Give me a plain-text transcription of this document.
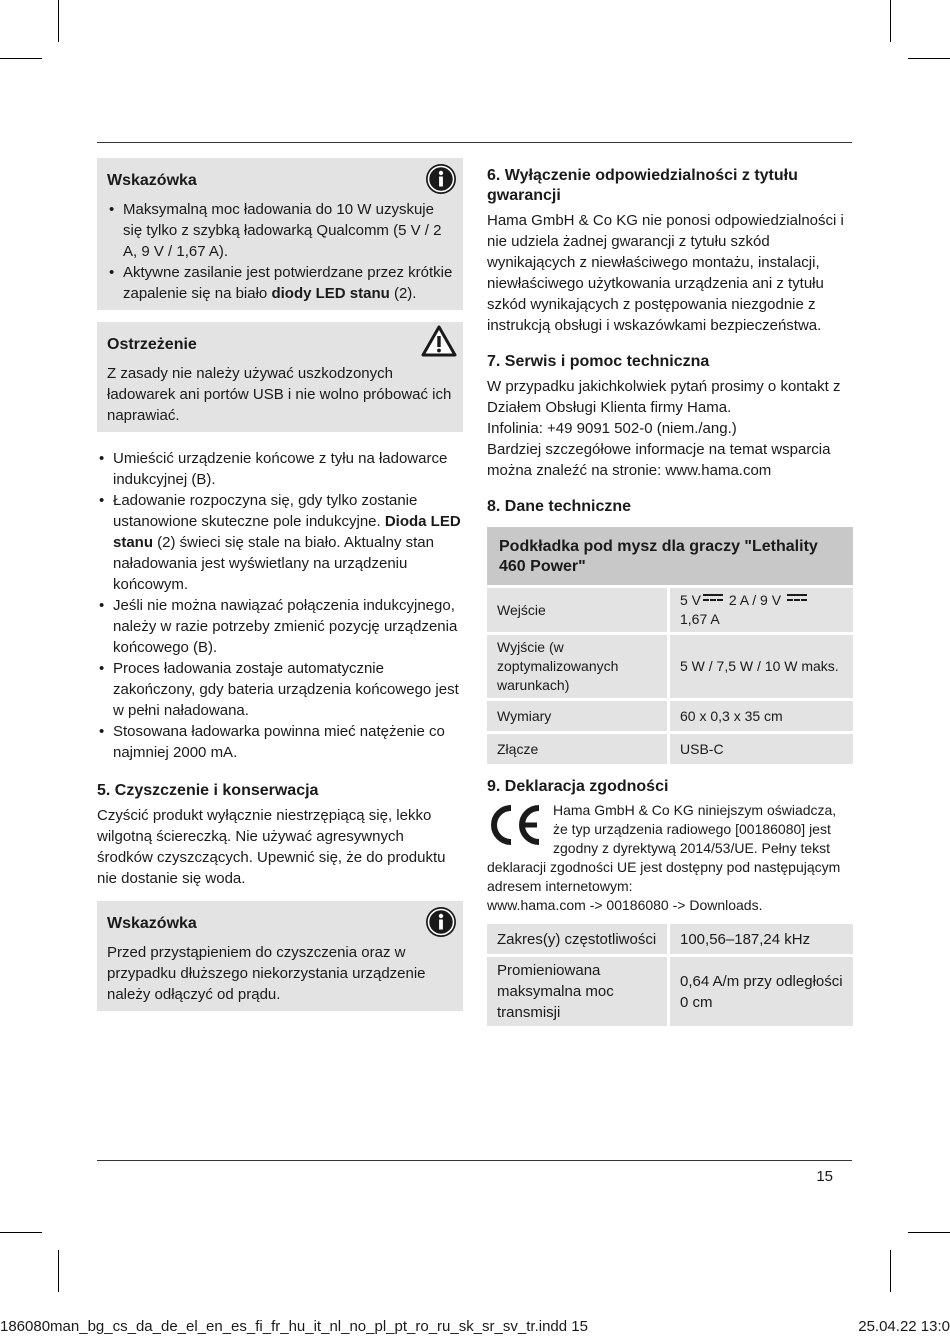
Wskazówka
• Maksymalną moc ładowania do 10 W uzyskuje się tylko z szybką ładowarką Qualcomm (5 V / 2 A, 9 V / 1,67 A).
• Aktywne zasilanie jest potwierdzane przez krótkie zapalenie się na biało diody LED stanu (2).
Ostrzeżenie

Z zasady nie należy używać uszkodzonych ładowarek ani portów USB i nie wolno próbować ich naprawiać.

• Umieścić urządzenie końcowe z tyłu na ładowarce indukcyjnej (B).
• Ładowanie rozpoczyna się, gdy tylko zostanie ustanowione skuteczne pole indukcyjne. Dioda LED stanu (2) świeci się stale na biało. Aktualny stan naładowania jest wyświetlany na urządzeniu końcowym.
• Jeśli nie można nawiązać połączenia indukcyjnego, należy w razie potrzeby zmienić pozycję urządzenia końcowego (B).
• Proces ładowania zostaje automatycznie zakończony, gdy bateria urządzenia końcowego jest w pełni naładowana.
• Stosowana ładowarka powinna mieć natężenie co najmniej 2000 mA.
5. Czyszczenie i konserwacja

Czyścić produkt wyłącznie niestrzępiącą się, lekko wilgotną ściereczką. Nie używać agresywnych środków czyszczących. Upewnić się, że do produktu nie dostanie się woda.

Wskazówka

Przed przystąpieniem do czyszczenia oraz w przypadku dłuższego niekorzystania urządzenie należy odłączyć od prądu.

6. Wyłączenie odpowiedzialności z tytułu gwarancji

Hama GmbH & Co KG nie ponosi odpowiedzialności i nie udziela żadnej gwarancji z tytułu szkód wynikających z niewłaściwego montażu, instalacji, niewłaściwego użytkowania urządzenia ani z tytułu szkód wynikających z postępowania niezgodnie z instrukcją obsługi i wskazówkami bezpieczeństwa.

7. Serwis i pomoc techniczna

W przypadku jakichkolwiek pytań prosimy o kontakt z Działem Obsługi Klienta firmy Hama.

Infolinia: +49 9091 502-0 (niem./ang.)

Bardziej szczegółowe informacje na temat wsparcia można znaleźć na stronie: www.hama.com

8. Dane techniczne
Podkładka pod mysz dla graczy "Lethality 460 Power"
Wejście	5 V 2 A / 9 V
1,67 A
Wyjście (w zoptymalizowanych warunkach)	5 W / 7,5 W / 10 W maks.
Wymiary	60 x 0,3 x 35 cm
Złącze	USB-C
9. Deklaracja zgodności
Hama GmbH & Co KG niniejszym oświadcza, że typ urządzenia radiowego [00186080] jest zgodny z dyrektywą 2014/53/UE. Pełny tekst deklaracji zgodności UE jest dostępny pod następującym adresem internetowym:
www.hama.com -> 00186080 -> Downloads.
Zakres(y) częstotliwości	100,56–187,24 kHz
Promieniowana maksymalna moc transmisji	0,64 A/m przy odległości 0 cm
15
186080man_bg_cs_da_de_el_en_es_fi_fr_hu_it_nl_no_pl_pt_ro_ru_sk_sr_sv_tr.indd 15	25.04.22 13:0
